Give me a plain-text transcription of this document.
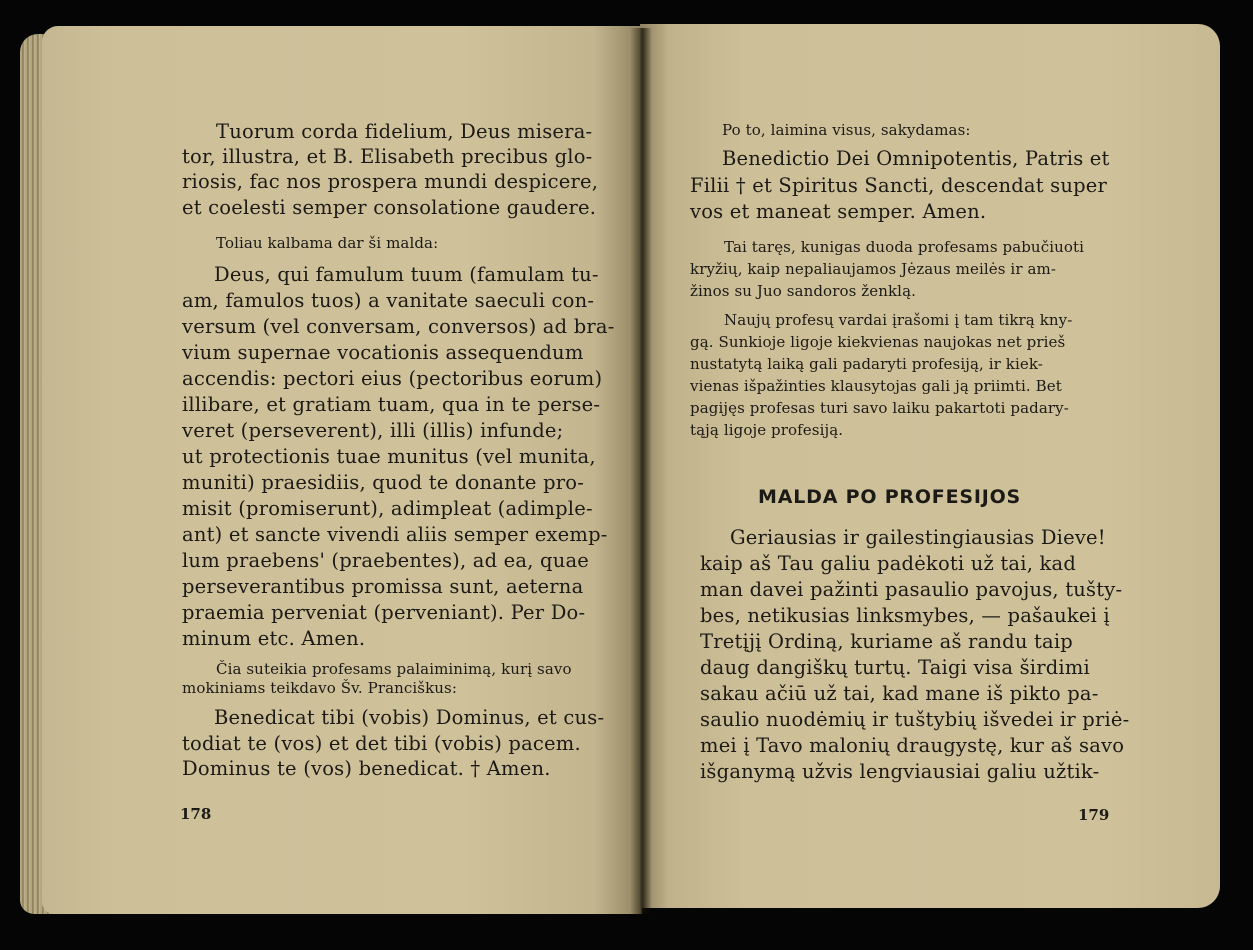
Tuorum corda fidelium, Deus misera-
tor, illustra, et B. Elisabeth precibus glo-
riosis, fac nos prospera mundi despicere,
et coelesti semper consolatione gaudere.
Toliau kalbama dar ši malda:
Deus, qui famulum tuum (famulam tu-
am, famulos tuos) a vanitate saeculi con-
versum (vel conversam, conversos) ad bra-
vium supernae vocationis assequendum
accendis: pectori eius (pectoribus eorum)
illibare, et gratiam tuam, qua in te perse-
veret (perseverent), illi (illis) infunde;
ut protectionis tuae munitus (vel munita,
muniti) praesidiis, quod te donante pro-
misit (promiserunt), adimpleat (adimple-
ant) et sancte vivendi aliis semper exemp-
lum praebens' (praebentes), ad ea, quae
perseverantibus promissa sunt, aeterna
praemia perveniat (perveniant). Per Do-
minum etc. Amen.
Čia suteikia profesams palaiminimą, kurį savo
mokiniams teikdavo Šv. Pranciškus:
Benedicat tibi (vobis) Dominus, et cus-
todiat te (vos) et det tibi (vobis) pacem.
Dominus te (vos) benedicat. † Amen.
178
Po to, laimina visus, sakydamas:
Benedictio Dei Omnipotentis, Patris et
Filii † et Spiritus Sancti, descendat super
vos et maneat semper. Amen.
Tai taręs, kunigas duoda profesams pabučiuoti
kryžių, kaip nepaliaujamos Jėzaus meilės ir am-
žinos su Juo sandoros ženklą.
Naujų profesų vardai įrašomi į tam tikrą kny-
gą. Sunkioje ligoje kiekvienas naujokas net prieš
nustatytą laiką gali padaryti profesiją, ir kiek-
vienas išpažinties klausytojas gali ją priimti. Bet
pagijęs profesas turi savo laiku pakartoti padary-
tąją ligoje profesiją.
MALDA PO PROFESIJOS
Geriausias ir gailestingiausias Dieve!
kaip aš Tau galiu padėkoti už tai, kad
man davei pažinti pasaulio pavojus, tušty-
bes, netikusias linksmybes, — pašaukei į
Tretįjį Ordiną, kuriame aš randu taip
daug dangiškų turtų. Taigi visa širdimi
sakau ačiū už tai, kad mane iš pikto pa-
saulio nuodėmių ir tuštybių išvedei ir priė-
mei į Tavo malonių draugystę, kur aš savo
išganymą užvis lengviausiai galiu užtik-
179
